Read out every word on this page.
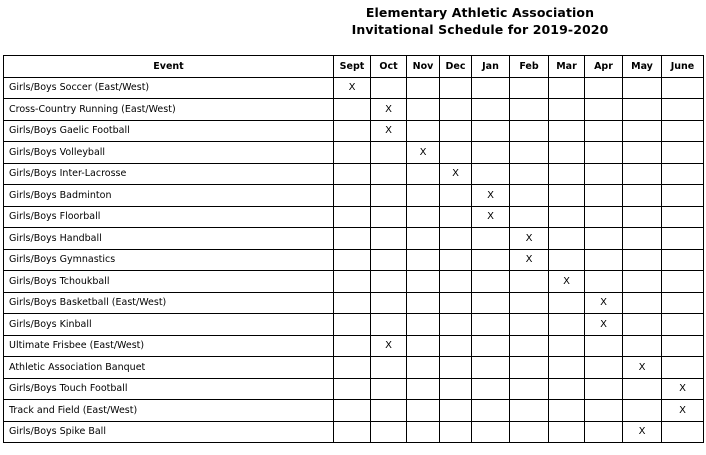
Elementary Athletic Association
Invitational Schedule for 2019-2020
Event	Sept	Oct	Nov	Dec	Jan	Feb	Mar	Apr	May	June
Girls/Boys Soccer (East/West)	X									
Cross-Country Running (East/West)		X								
Girls/Boys Gaelic Football		X								
Girls/Boys Volleyball			X							
Girls/Boys Inter-Lacrosse				X						
Girls/Boys Badminton					X					
Girls/Boys Floorball					X					
Girls/Boys Handball						X				
Girls/Boys Gymnastics						X				
Girls/Boys Tchoukball							X			
Girls/Boys Basketball (East/West)								X		
Girls/Boys Kinball								X		
Ultimate Frisbee (East/West)		X								
Athletic Association Banquet									X	
Girls/Boys Touch Football										X
Track and Field (East/West)										X
Girls/Boys Spike Ball									X	
